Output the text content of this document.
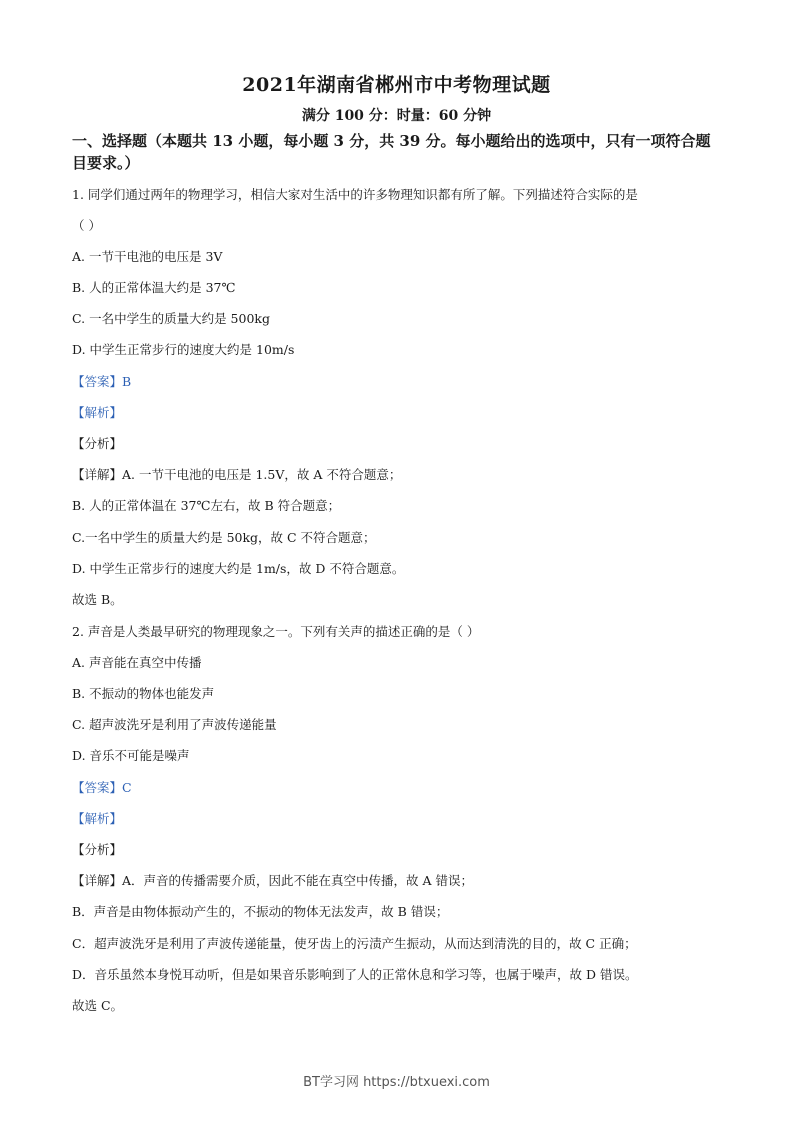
2021年湖南省郴州市中考物理试题
满分 100 分：时量：60 分钟
一、选择题（本题共 13 小题，每小题 3 分，共 39 分。每小题给出的选项中，只有一项符合题目要求。）
1. 同学们通过两年的物理学习，相信大家对生活中的许多物理知识都有所了解。下列描述符合实际的是
（ ）
A. 一节干电池的电压是 3V
B. 人的正常体温大约是 37℃
C. 一名中学生的质量大约是 500kg
D. 中学生正常步行的速度大约是 10m/s
【答案】B
【解析】
【分析】
【详解】A. 一节干电池的电压是 1.5V，故 A 不符合题意；
B. 人的正常体温在 37℃左右，故 B 符合题意；
C.一名中学生的质量大约是 50kg，故 C 不符合题意；
D. 中学生正常步行的速度大约是 1m/s，故 D 不符合题意。
故选 B。
2. 声音是人类最早研究的物理现象之一。下列有关声的描述正确的是（ ）
A. 声音能在真空中传播
B. 不振动的物体也能发声
C. 超声波洗牙是利用了声波传递能量
D. 音乐不可能是噪声
【答案】C
【解析】
【分析】
【详解】A．声音的传播需要介质，因此不能在真空中传播，故 A 错误；
B．声音是由物体振动产生的，不振动的物体无法发声，故 B 错误；
C．超声波洗牙是利用了声波传递能量，使牙齿上的污渍产生振动，从而达到清洗的目的，故 C 正确；
D．音乐虽然本身悦耳动听，但是如果音乐影响到了人的正常休息和学习等，也属于噪声，故 D 错误。
故选 C。
BT学习网 https://btxuexi.com
